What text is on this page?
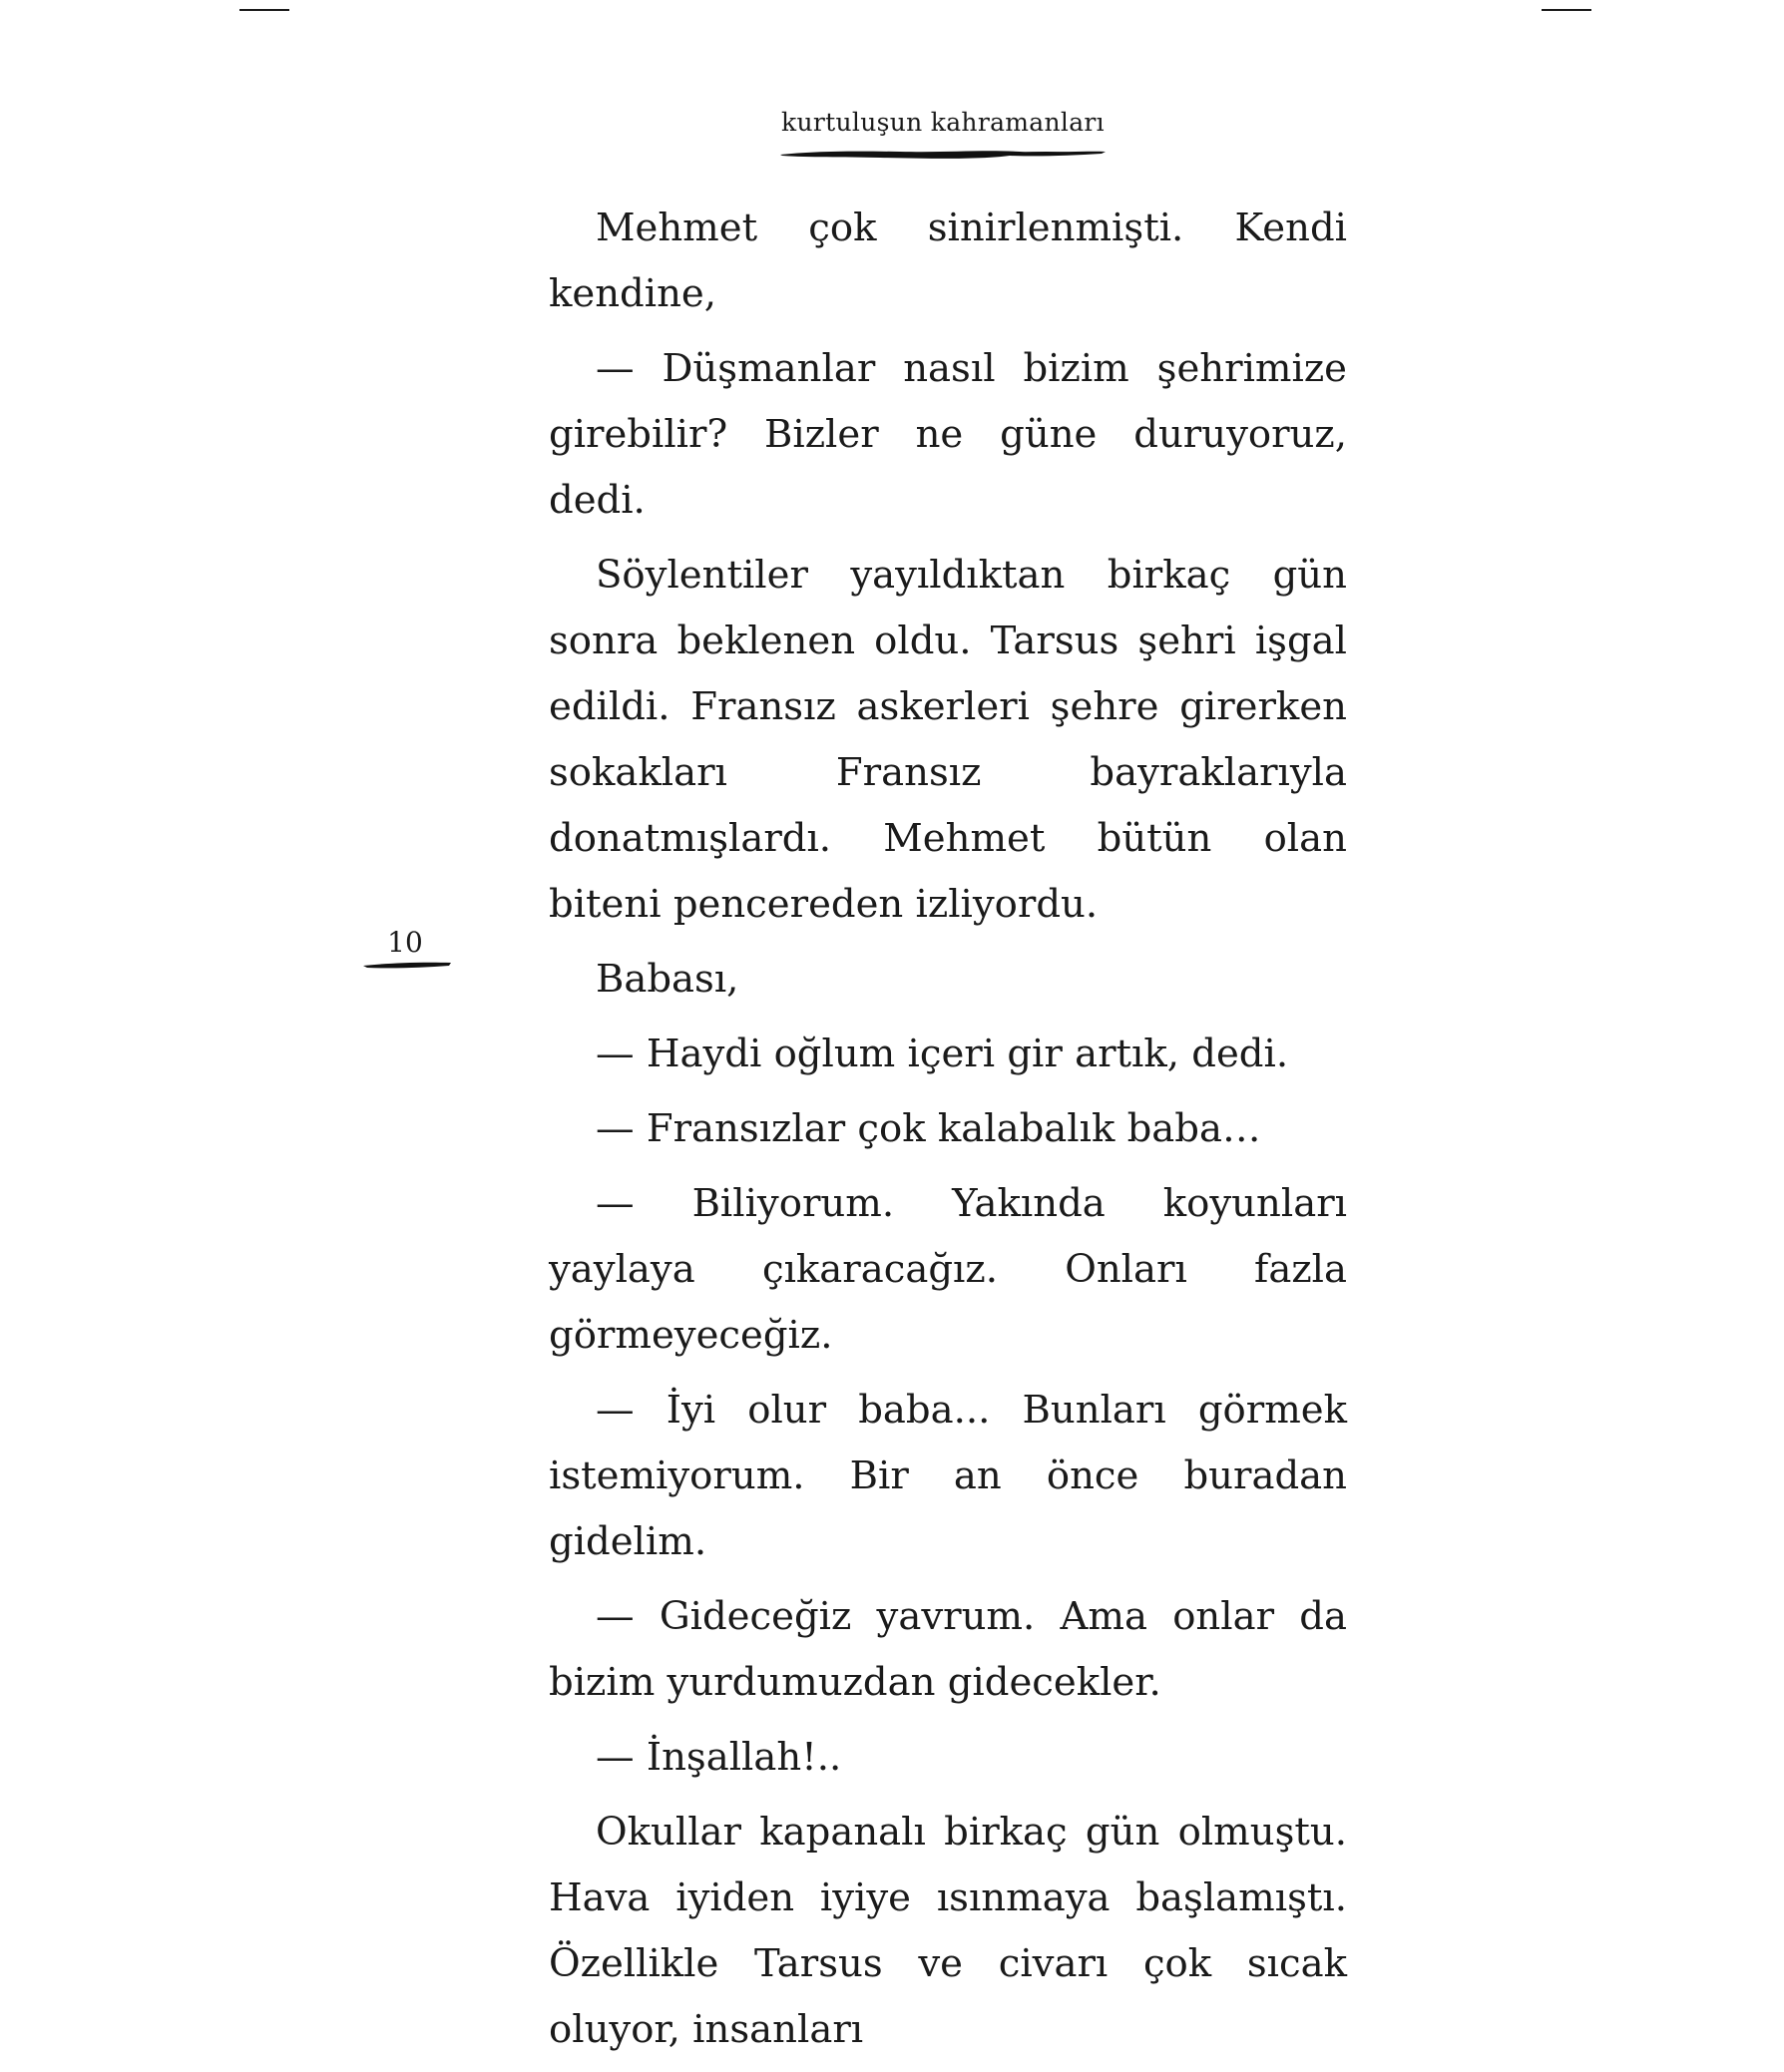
kurtuluşun kahramanları

Mehmet çok sinirlenmişti. Kendi kendine,

— Düşmanlar nasıl bizim şehrimize girebilir? Bizler ne güne duruyoruz, dedi.

Söylentiler yayıldıktan birkaç gün sonra beklenen oldu. Tarsus şehri işgal edildi. Fransız askerleri şehre girerken sokakları Fransız bayraklarıyla donatmışlardı. Mehmet bütün olan biteni pencereden izliyordu.

Babası,

— Haydi oğlum içeri gir artık, dedi.

— Fransızlar çok kalabalık baba…

— Biliyorum. Yakında koyunları yaylaya çıkaracağız. Onları fazla görmeyeceğiz.

— İyi olur baba... Bunları görmek istemiyorum. Bir an önce buradan gidelim.

— Gideceğiz yavrum. Ama onlar da bizim yurdumuzdan gidecekler.

— İnşallah!..

Okullar kapanalı birkaç gün olmuştu. Hava iyiden iyiye ısınmaya başlamıştı. Özellikle Tarsus ve civarı çok sıcak oluyor, insanları

10
